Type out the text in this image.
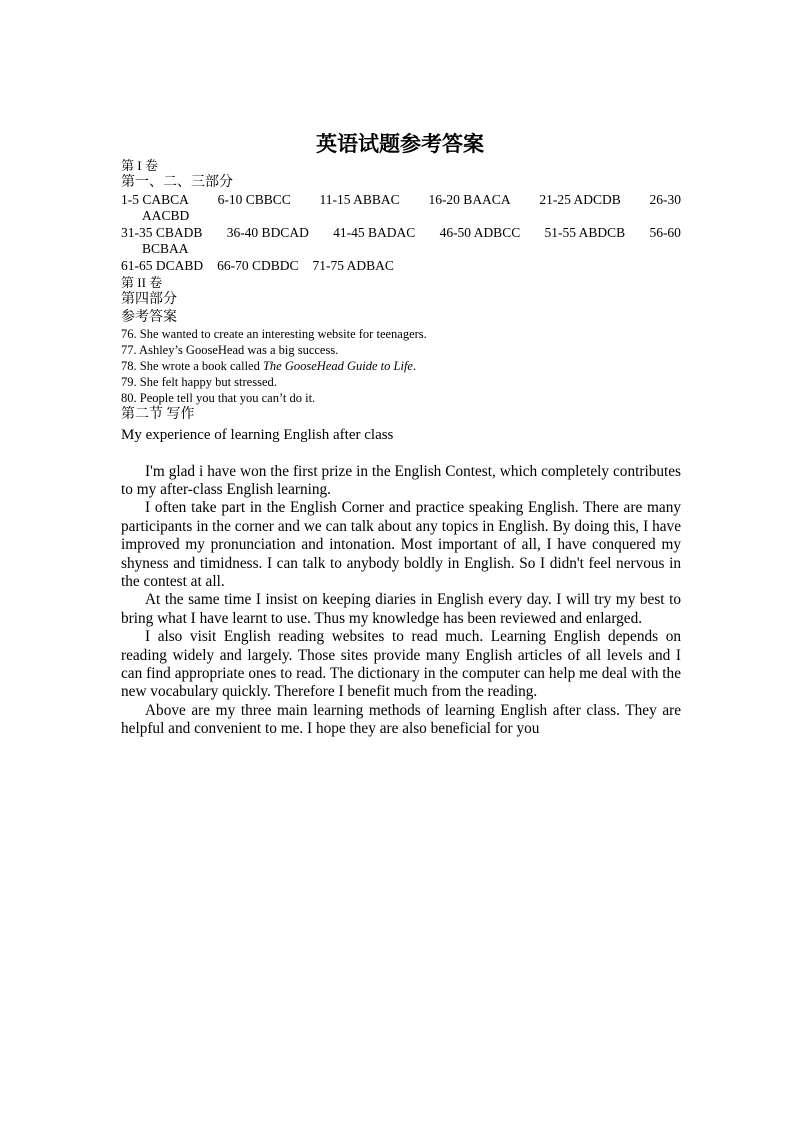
英语试题参考答案
第 I 卷
第一、二、三部分
1-5 CABCA 6-10 CBBCC 11-15 ABBAC 16-20 BAACA 21-25 ADCDB 26-30
AACBD
31-35 CBADB 36-40 BDCAD 41-45 BADAC 46-50 ADBCC 51-55 ABDCB 56-60
BCBAA
61-65 DCABD 66-70 CDBDC 71-75 ADBAC
第 II 卷
第四部分
参考答案
76. She wanted to create an interesting website for teenagers.
77. Ashley’s GooseHead was a big success.
78. She wrote a book called The GooseHead Guide to Life.
79. She felt happy but stressed.
80. People tell you that you can’t do it.
第二节 写作
My experience of learning English after class

I'm glad i have won the first prize in the English Contest, which completely contributes to my after-class English learning.

I often take part in the English Corner and practice speaking English. There are many participants in the corner and we can talk about any topics in English. By doing this, I have improved my pronunciation and intonation. Most important of all, I have conquered my shyness and timidness. I can talk to anybody boldly in English. So I didn't feel nervous in the contest at all.

At the same time I insist on keeping diaries in English every day. I will try my best to bring what I have learnt to use. Thus my knowledge has been reviewed and enlarged.

I also visit English reading websites to read much. Learning English depends on reading widely and largely. Those sites provide many English articles of all levels and I can find appropriate ones to read. The dictionary in the computer can help me deal with the new vocabulary quickly. Therefore I benefit much from the reading.

Above are my three main learning methods of learning English after class. They are helpful and convenient to me. I hope they are also beneficial for you
